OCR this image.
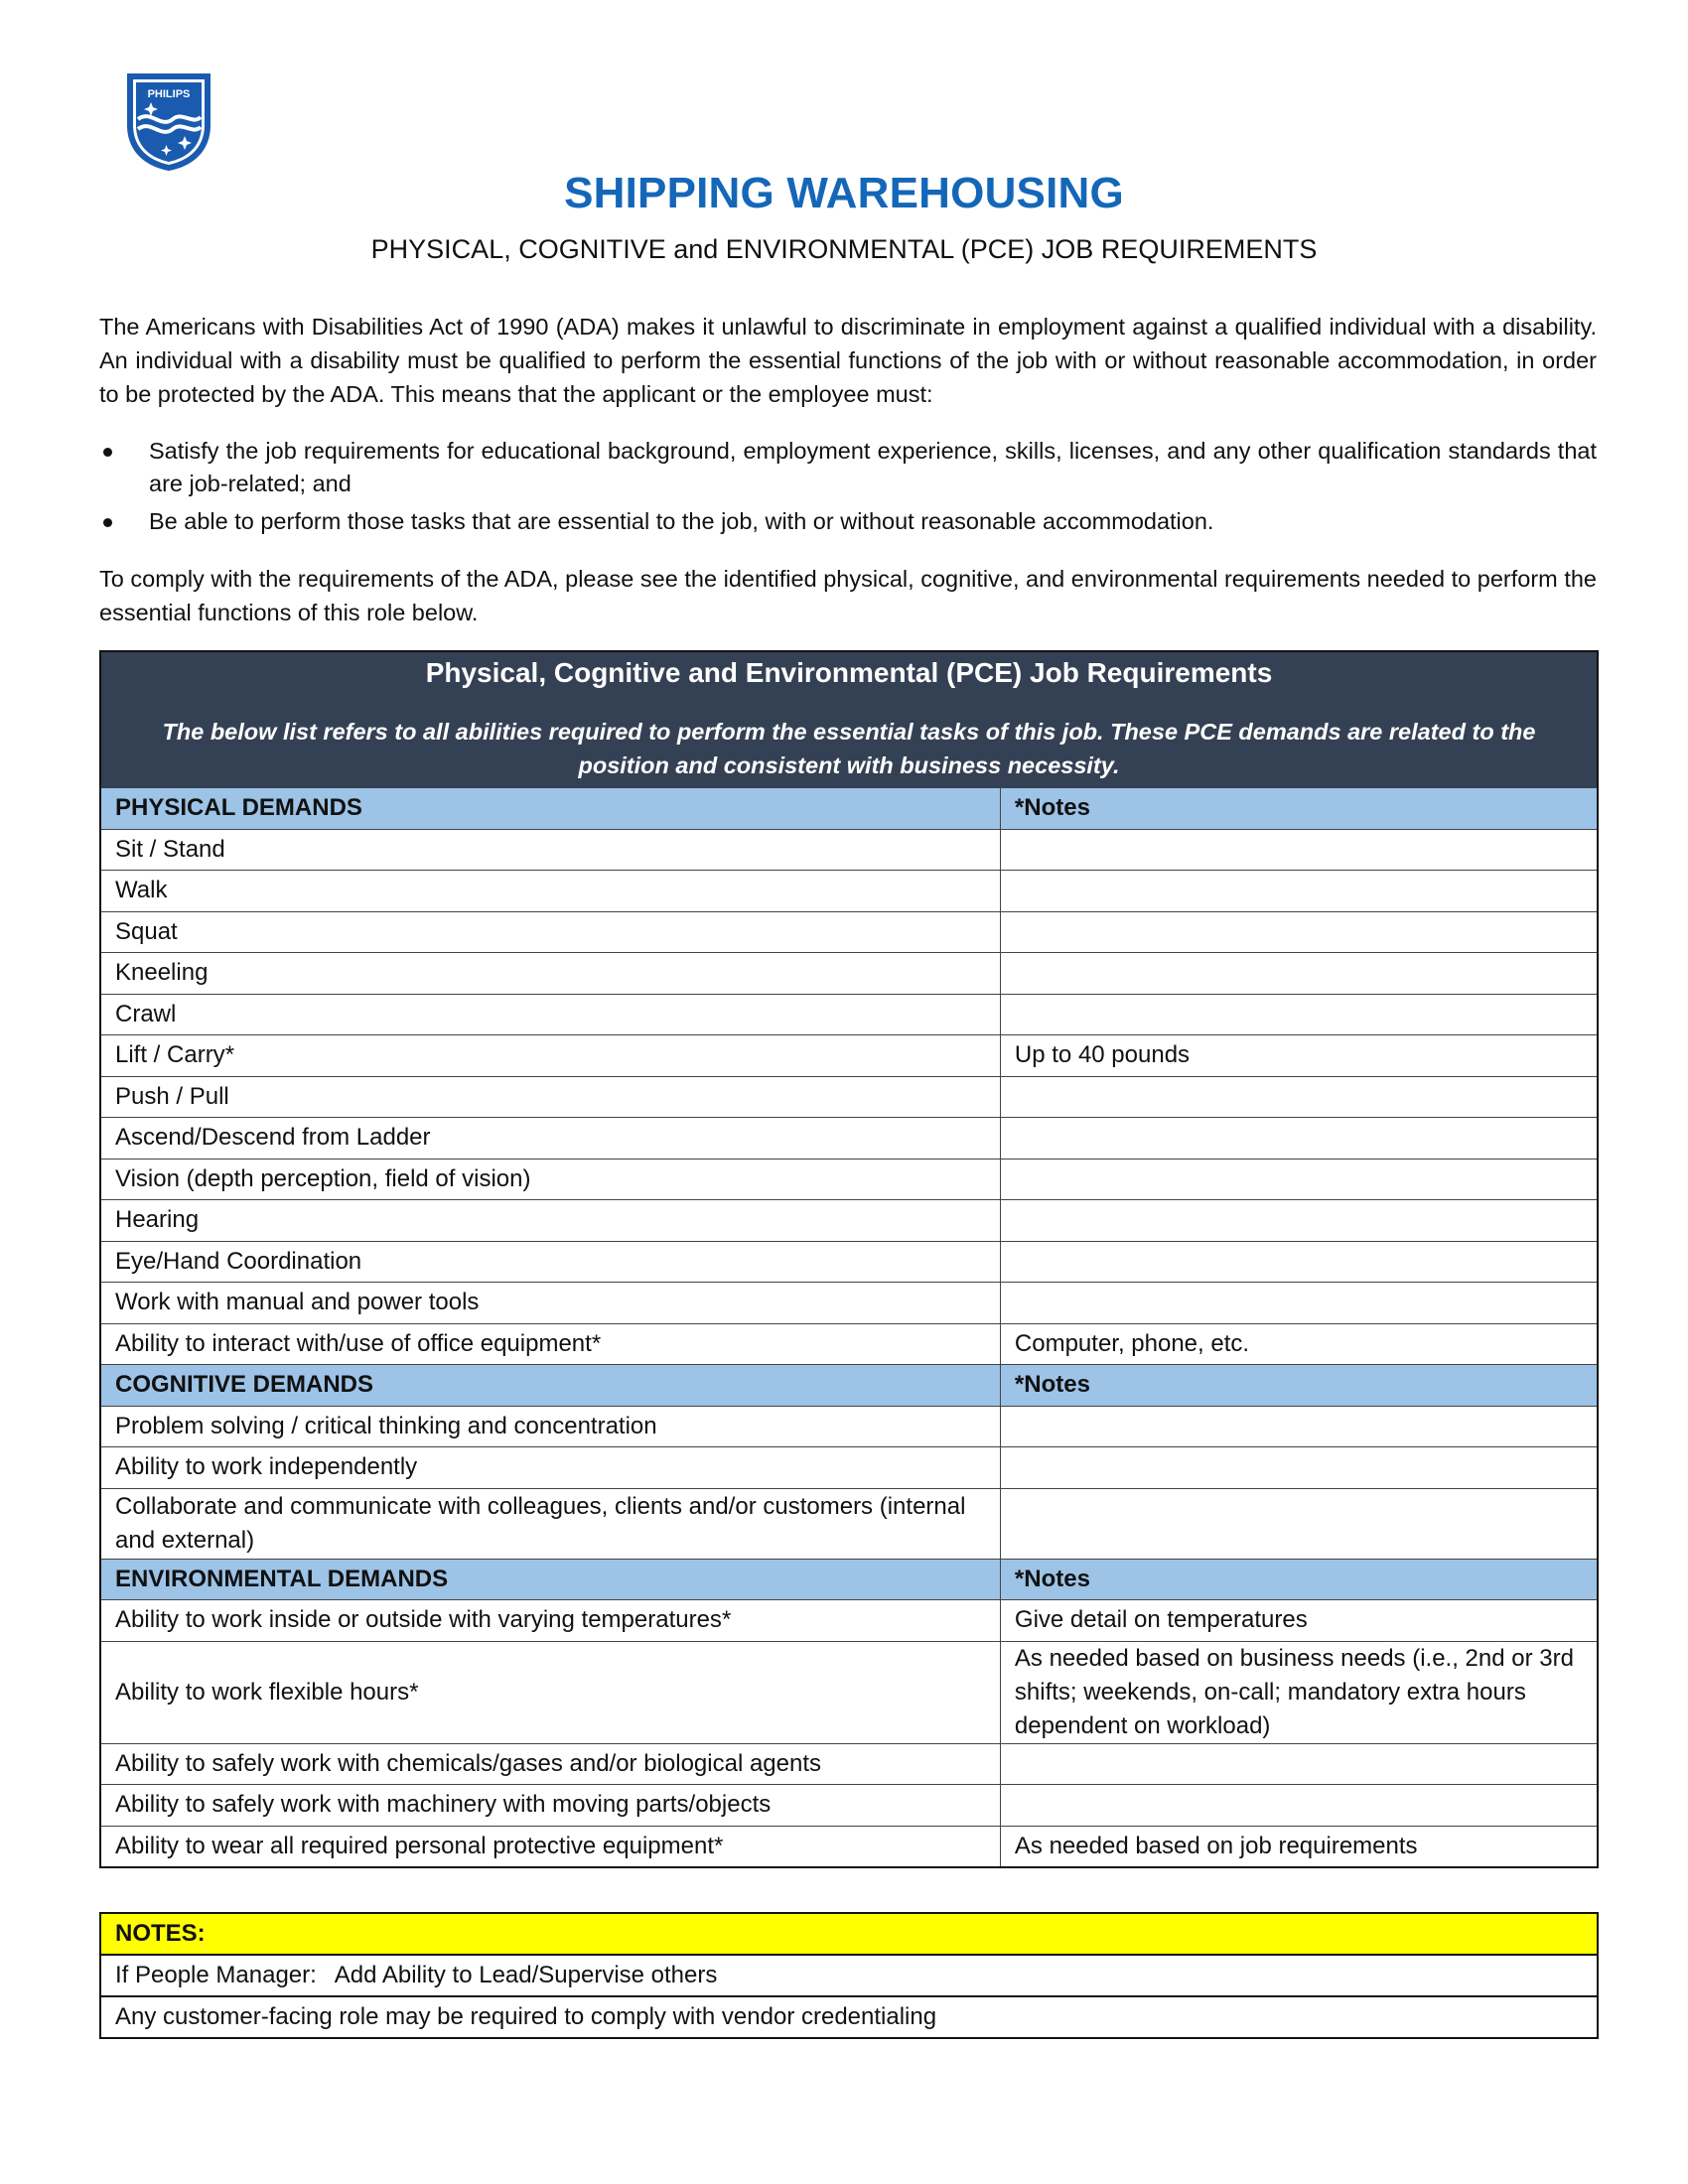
PHILIPS
SHIPPING WAREHOUSING
PHYSICAL, COGNITIVE and ENVIRONMENTAL (PCE) JOB REQUIREMENTS
The Americans with Disabilities Act of 1990 (ADA) makes it unlawful to discriminate in employment against a qualified individual with a disability. An individual with a disability must be qualified to perform the essential functions of the job with or without reasonable accommodation, in order to be protected by the ADA. This means that the applicant or the employee must:
Satisfy the job requirements for educational background, employment experience, skills, licenses, and any other qualification standards that are job-related; and
Be able to perform those tasks that are essential to the job, with or without reasonable accommodation.
To comply with the requirements of the ADA, please see the identified physical, cognitive, and environmental requirements needed to perform the essential functions of this role below.
Physical, Cognitive and Environmental (PCE) Job Requirements
The below list refers to all abilities required to perform the essential tasks of this job. These PCE demands are related to the position and consistent with business necessity.	

PHYSICAL DEMANDS	*Notes
Sit / Stand	
Walk	
Squat	
Kneeling	
Crawl	
Lift / Carry*	Up to 40 pounds
Push / Pull	
Ascend/Descend from Ladder	
Vision (depth perception, field of vision)	
Hearing	
Eye/Hand Coordination	
Work with manual and power tools	
Ability to interact with/use of office equipment*	Computer, phone, etc.
COGNITIVE DEMANDS	*Notes
Problem solving / critical thinking and concentration	
Ability to work independently	
Collaborate and communicate with colleagues, clients and/or customers (internal and external)	
ENVIRONMENTAL DEMANDS	*Notes
Ability to work inside or outside with varying temperatures*	Give detail on temperatures
Ability to work flexible hours*	As needed based on business needs (i.e., 2nd or 3rd shifts; weekends, on-call; mandatory extra hours dependent on workload)
Ability to safely work with chemicals/gases and/or biological agents	
Ability to safely work with machinery with moving parts/objects	
Ability to wear all required personal protective equipment*	As needed based on job requirements
NOTES:
If People Manager: Add Ability to Lead/Supervise others
Any customer-facing role may be required to comply with vendor credentialing
